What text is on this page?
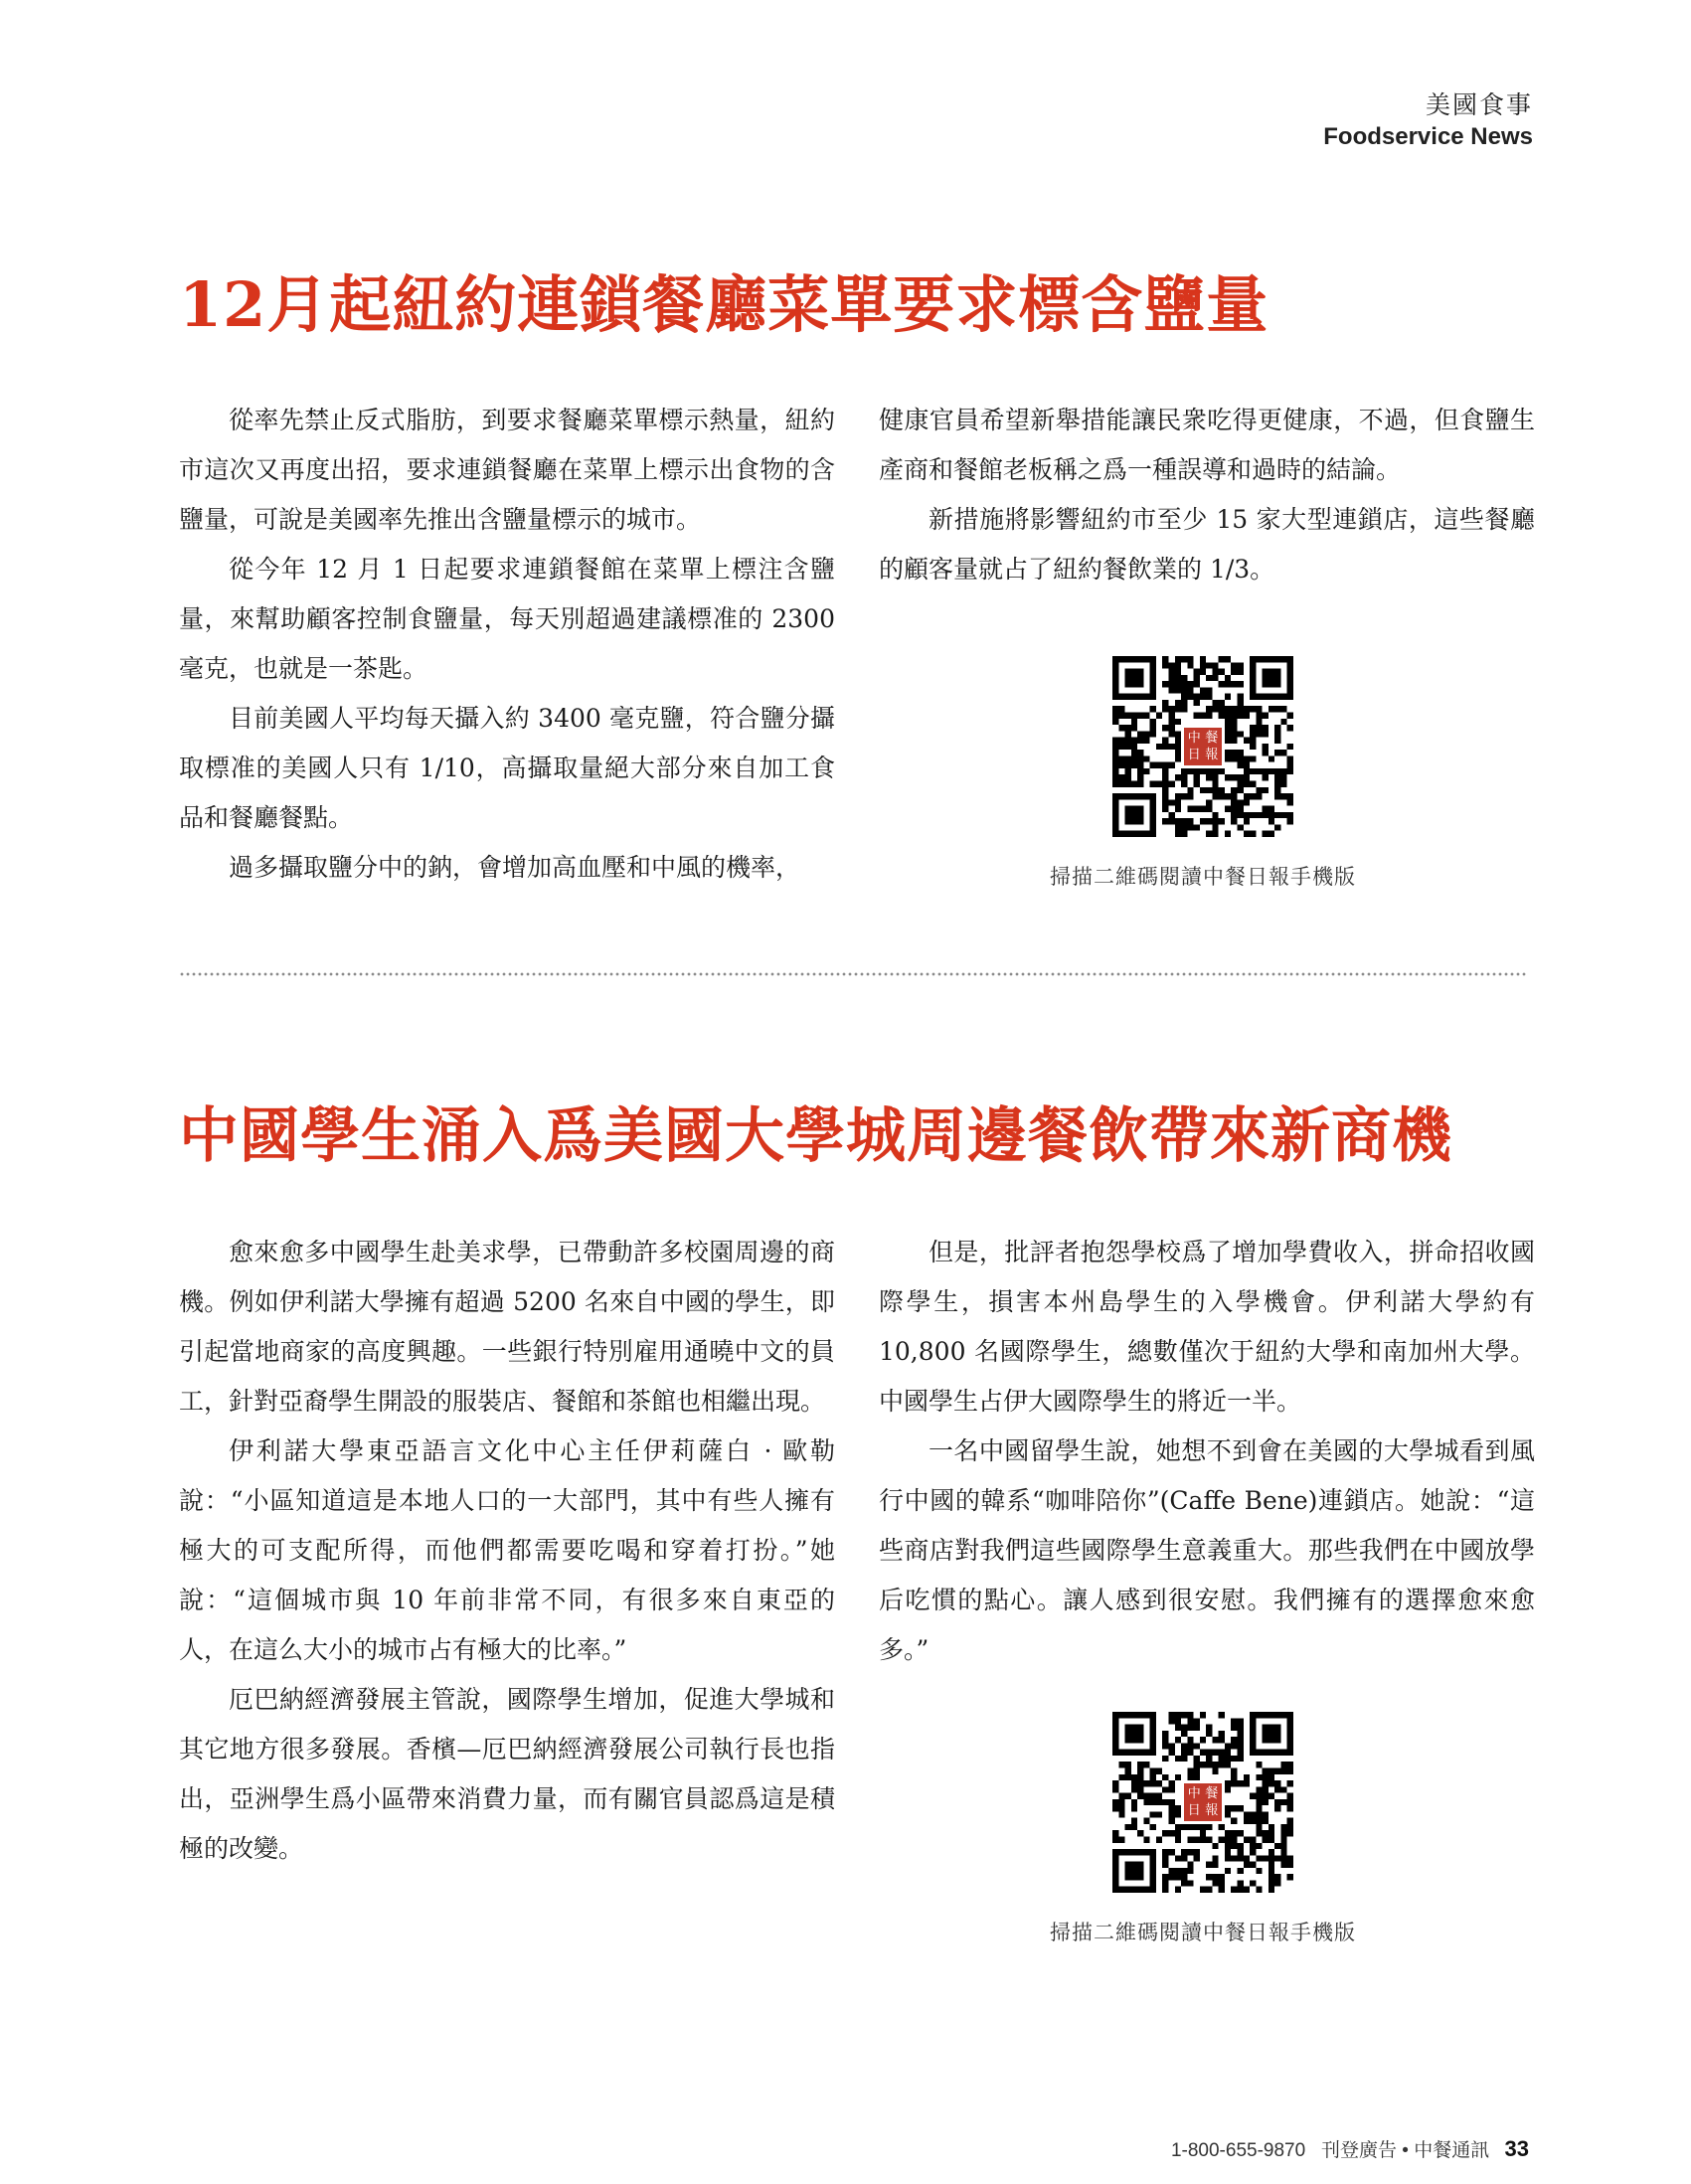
美國食事
Foodservice News
12月起紐約連鎖餐廳菜單要求標含鹽量

從率先禁止反式脂肪，到要求餐廳菜單標示熱量，紐約市這次又再度出招，要求連鎖餐廳在菜單上標示出食物的含鹽量，可說是美國率先推出含鹽量標示的城市。

從今年 12 月 1 日起要求連鎖餐館在菜單上標注含鹽量，來幫助顧客控制食鹽量，每天別超過建議標准的 2300 毫克，也就是一茶匙。

目前美國人平均每天攝入約 3400 毫克鹽，符合鹽分攝取標准的美國人只有 1/10，高攝取量絕大部分來自加工食品和餐廳餐點。

過多攝取鹽分中的鈉，會增加高血壓和中風的機率，

健康官員希望新舉措能讓民衆吃得更健康，不過，但食鹽生產商和餐館老板稱之爲一種誤導和過時的結論。

新措施將影響紐約市至少 15 家大型連鎖店，這些餐廳的顧客量就占了紐約餐飲業的 1/3。

中 餐
日 報
掃描二維碼閱讀中餐日報手機版
中國學生涌入爲美國大學城周邊餐飲帶來新商機

愈來愈多中國學生赴美求學，已帶動許多校園周邊的商機。例如伊利諾大學擁有超過 5200 名來自中國的學生，即引起當地商家的高度興趣。一些銀行特別雇用通曉中文的員工，針對亞裔學生開設的服裝店、餐館和茶館也相繼出現。

伊利諾大學東亞語言文化中心主任伊莉薩白 · 歐勒說：“小區知道這是本地人口的一大部門，其中有些人擁有極大的可支配所得，而他們都需要吃喝和穿着打扮。”她說：“這個城市與 10 年前非常不同，有很多來自東亞的人，在這么大小的城市占有極大的比率。”

厄巴納經濟發展主管說，國際學生增加，促進大學城和其它地方很多發展。香檳—厄巴納經濟發展公司執行長也指出，亞洲學生爲小區帶來消費力量，而有關官員認爲這是積極的改變。

但是，批評者抱怨學校爲了增加學費收入，拼命招收國際學生，損害本州島學生的入學機會。伊利諾大學約有 10,800 名國際學生，總數僅次于紐約大學和南加州大學。中國學生占伊大國際學生的將近一半。

一名中國留學生說，她想不到會在美國的大學城看到風行中國的韓系“咖啡陪你”(Caffe Bene)連鎖店。她說：“這些商店對我們這些國際學生意義重大。那些我們在中國放學后吃慣的點心。讓人感到很安慰。我們擁有的選擇愈來愈多。”

中 餐
日 報
掃描二維碼閱讀中餐日報手機版
1-800-655-9870 刊登廣告 • 中餐通訊 33
